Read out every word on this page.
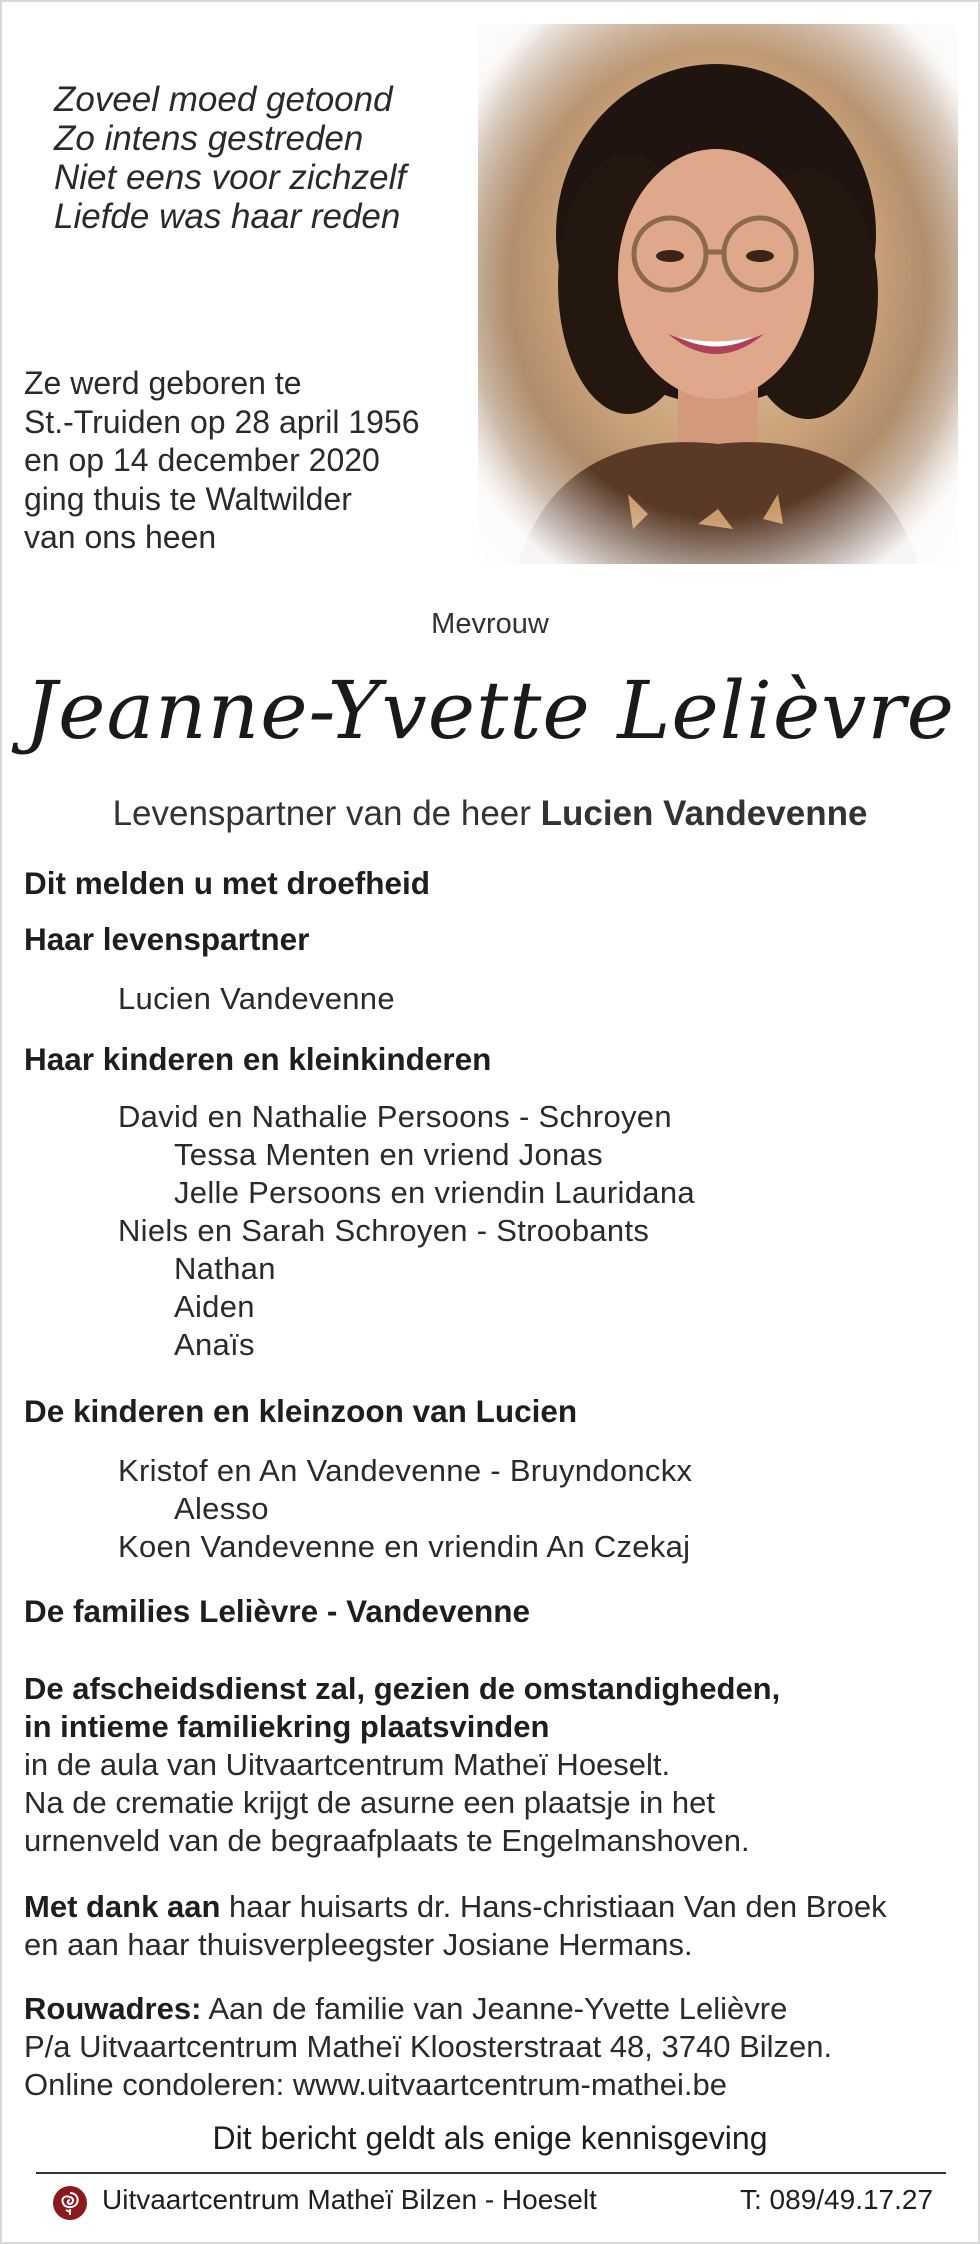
Zoveel moed getoond
Zo intens gestreden
Niet eens voor zichzelf
Liefde was haar reden
Ze werd geboren te
St.-Truiden op 28 april 1956
en op 14 december 2020
ging thuis te Waltwilder
van ons heen
Mevrouw
Jeanne-Yvette Lelièvre
Levenspartner van de heer Lucien Vandevenne
Dit melden u met droefheid
Haar levenspartner
Lucien Vandevenne
Haar kinderen en kleinkinderen
David en Nathalie Persoons - Schroyen
Tessa Menten en vriend Jonas
Jelle Persoons en vriendin Lauridana
Niels en Sarah Schroyen - Stroobants
Nathan
Aiden
Anaïs
De kinderen en kleinzoon van Lucien
Kristof en An Vandevenne - Bruyndonckx
Alesso
Koen Vandevenne en vriendin An Czekaj
De families Lelièvre - Vandevenne
De afscheidsdienst zal, gezien de omstandigheden,
in intieme familiekring plaatsvinden
in de aula van Uitvaartcentrum Matheï Hoeselt.
Na de crematie krijgt de asurne een plaatsje in het
urnenveld van de begraafplaats te Engelmanshoven.
Met dank aan haar huisarts dr. Hans-christiaan Van den Broek
en aan haar thuisverpleegster Josiane Hermans.
Rouwadres: Aan de familie van Jeanne-Yvette Lelièvre
P/a Uitvaartcentrum Matheï Kloosterstraat 48, 3740 Bilzen.
Online condoleren: www.uitvaartcentrum-mathei.be
Dit bericht geldt als enige kennisgeving
Uitvaartcentrum Matheï Bilzen - Hoeselt	T: 089/49.17.27
